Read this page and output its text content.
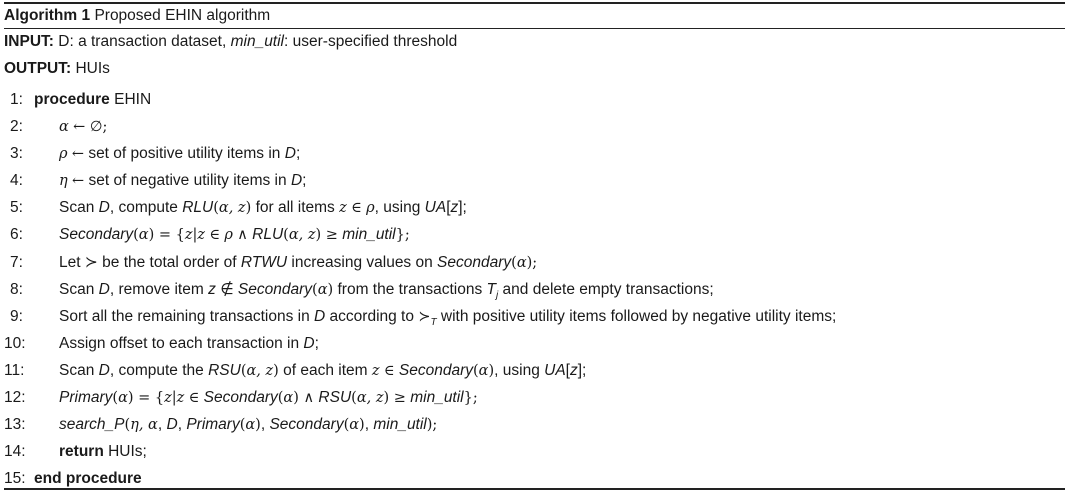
Algorithm 1 Proposed EHIN algorithm
INPUT: D: a transaction dataset, min_util: user-specified threshold
OUTPUT: HUIs
1: procedure EHIN
2: α ← ∅;
3: ρ ← set of positive utility items in D;
4: η ← set of negative utility items in D;
5: Scan D, compute RLU(α, z) for all items z ∈ ρ, using UA[z];
6: Secondary(α) = {z|z ∈ ρ ∧ RLU(α, z) ≥ min_util};
7: Let ≻ be the total order of RTWU increasing values on Secondary(α);
8: Scan D, remove item z ∉ Secondary(α) from the transactions $T_j$ and delete empty transactions;
9: Sort all the remaining transactions in D according to $≻_T$ with positive utility items followed by negative utility items;
10: Assign offset to each transaction in D;
11: Scan D, compute the RSU(α, z) of each item z ∈ Secondary(α), using UA[z];
12: Primary(α) = {z|z ∈ Secondary(α) ∧ RSU(α, z) ≥ min_util};
13: search_P(η, α, D, Primary(α), Secondary(α), min_util);
14: return HUIs;
15: end procedure
